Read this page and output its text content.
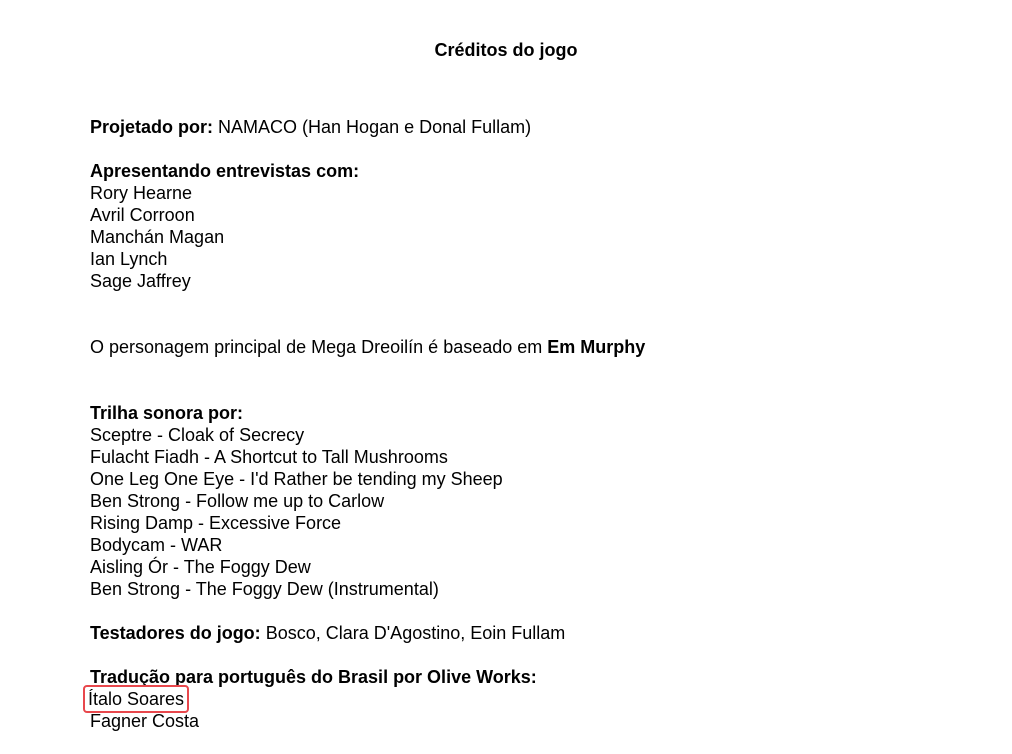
Créditos do jogo
Projetado por: NAMACO (Han Hogan e Donal Fullam)
Apresentando entrevistas com:
Rory Hearne
Avril Corroon
Manchán Magan
Ian Lynch
Sage Jaffrey
O personagem principal de Mega Dreoilín é baseado em Em Murphy
Trilha sonora por:
Sceptre - Cloak of Secrecy
Fulacht Fiadh - A Shortcut to Tall Mushrooms
One Leg One Eye - I'd Rather be tending my Sheep
Ben Strong - Follow me up to Carlow
Rising Damp - Excessive Force
Bodycam - WAR
Aisling Ór - The Foggy Dew
Ben Strong - The Foggy Dew (Instrumental)
Testadores do jogo: Bosco, Clara D'Agostino, Eoin Fullam
Tradução para português do Brasil por Olive Works:
Ítalo Soares
Fagner Costa
